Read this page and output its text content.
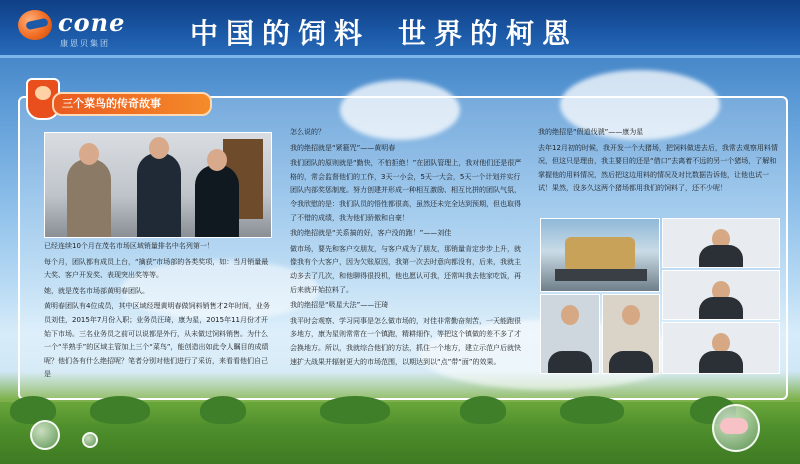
cone
康恩贝集团	中国的饲料 世界的柯恩
三个菜鸟的传奇故事

已经连续10个月在茂名市场区域销量排名中名列第一！

每个月，团队都有成员上台，“擒获”市场部的各类奖项，如：当月销量最大奖、客户开发奖、表现突出奖等等。

她，就是茂名市场部黄明春团队。

黄明春团队有4位成员，其中区域经理黄明春做饲料销售才2年时间，业务员刘佳，2015年7月份入职；业务员汪琦，康为星，2015年11月份才开始下市场。三名业务员之前可以说都是外行，从未做过饲料销售。为什么一个“半熟手”的区域主管加上三个“菜鸟”，能创造出如此令人瞩目的成绩呢？他们各有什么绝招呢？笔者分别对他们进行了采访，来看看他们自己是

怎么说的？

我的绝招就是“紧箍咒”——黄明春

我们团队的原则就是“勤快，不怕拒绝！”在团队管理上，我对他们还是很严格的，常会监督他们的工作，3天一小会，5天一大会，5天一个计划并实行团队内部奖惩制度。努力创建并形成一种相互激励、相互比拼的团队气氛，令我欣慰的是：我们队员的悟性都很高，虽然还未完全达到预期，但也取得了不错的成绩，我为他们骄傲和自豪！

我的绝招就是“关系搞的好，客户没的跑！”——刘佳

做市场，要先和客户交朋友，与客户成为了朋友，那销量肯定步步上升，就像我有个大客户，因为欠账原因，我第一次去时意向都没有，后来，我就主动多去了几次，和他聊得很投机，他也愿认可我，还常叫我去他家吃饭，再后来就开始拉料了。

我的绝招是“吸星大法”——汪琦

我平时会观察、学习同事是怎么做市场的，对佳非常勤奋刻苦，一天能跑很多地方，康为星则常常在一个镇跑，精耕细作，等把这个镇做的差不多了才会换地方。所以，我就综合他们的方法，抓住一个地方，建立示范户后就快速扩大战果并辐射更大的市场范围，以期达到以“点”带“面”的效果。

我的绝招是“假道伐虢”——康为星

去年12月初的时候，我开发一个大猪场，把饲料做进去后，我常去观察用料情况，但这只是理由，我主要目的还是“借口”去离着不远的另一个猪场，了解和掌握他的用料情况，然后把这边用料的情况及对比数据告诉他，让他也试一试！果然，没多久这两个猪场都用我们的饲料了，还不少呢！
